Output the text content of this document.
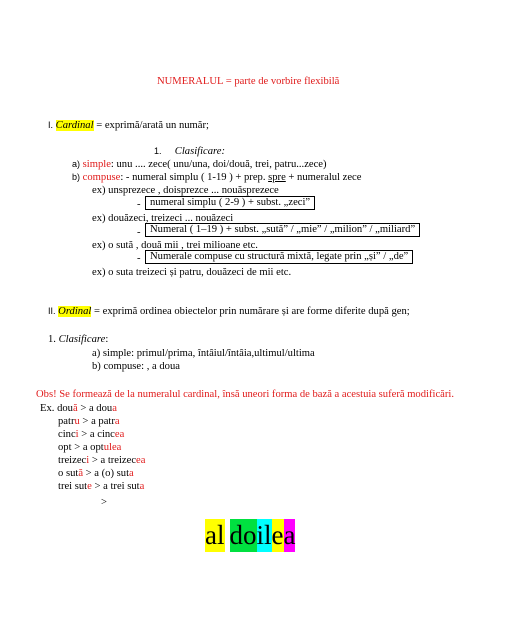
NUMERALUL = parte de vorbire flexibilă
I. Cardinal = exprimă/arată un număr;
1. Clasificare:
a) simple: unu .... zece( unu/una, doi/două, trei, patru...zece)
b) compuse: - numeral simplu ( 1-19 ) + prep. spre + numeralul zece
ex) unsprezece , doisprezce ... nouăsprezece
- numeral simplu ( 2-9 ) + subst. „zeci”
ex) douăzeci, treizeci ... nouăzeci
- Numeral ( 1–19 ) + subst. „sută” / „mie” / „milion” / „miliard”
ex) o sută , două mii , trei milioane etc.
- Numerale compuse cu structură mixtă, legate prin „și” / „de”
ex) o suta treizeci și patru, douăzeci de mii etc.
II. Ordinal = exprimă ordinea obiectelor prin numărare și are forme diferite după gen;
1. Clasificare:
a) simple: primul/prima, întâiul/întâia,ultimul/ultima
b) compuse: , a doua
Obs! Se formează de la numeralul cardinal, însă uneori forma de bază a acestuia suferă modificări.
Ex. două > a doua
patru > a patra
cinci > a cincea
opt > a optulea
treizeci > a treizecea
o sută > a (o) suta
trei sute > a trei suta
>
al do il e a
